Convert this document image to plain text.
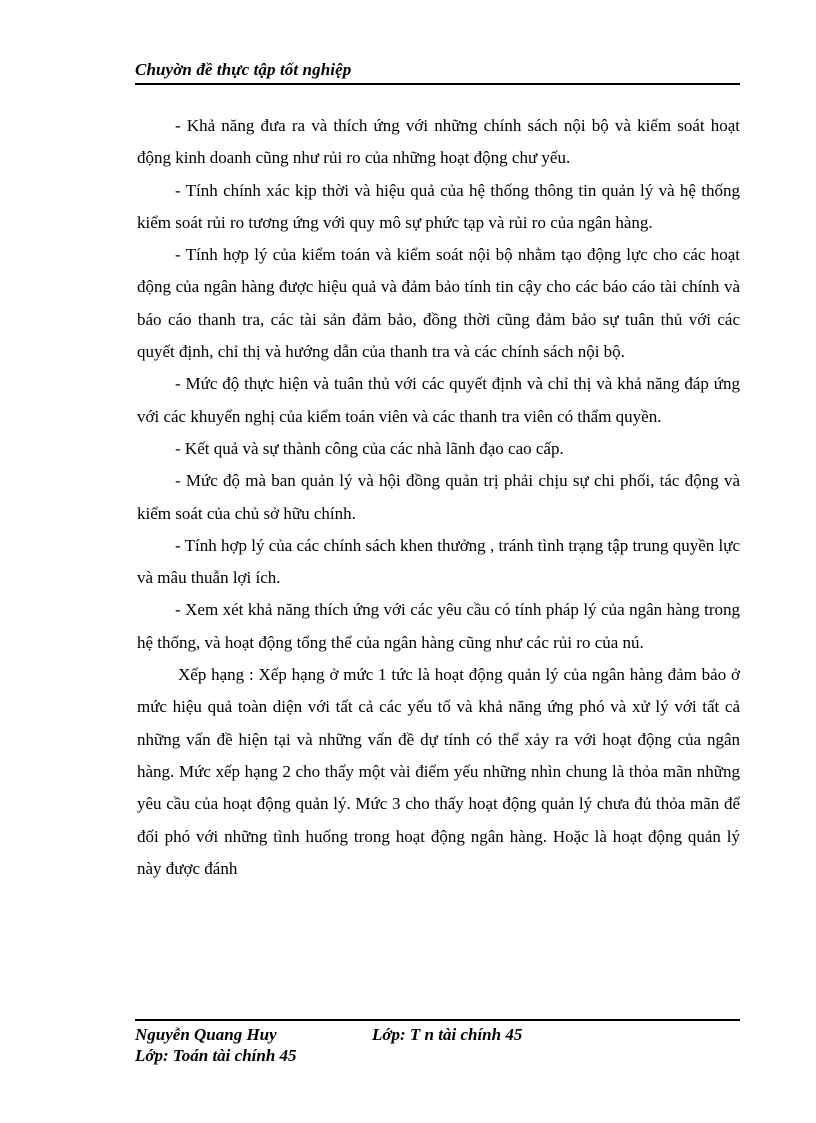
Chuyờn đề thực tập tốt nghiệp

- Khả năng đưa ra và thích ứng với những chính sách nội bộ và kiểm soát hoạt động kinh doanh cũng như rủi ro của những hoạt động chư yếu.

- Tính chính xác kịp thời và hiệu quả của hệ thống thông tin quản lý và hệ thống kiểm soát rủi ro tương ứng với quy mô sự phức tạp và rủi ro của ngân hàng.

- Tính hợp lý của kiểm toán và kiểm soát nội bộ nhằm tạo động lực cho các hoạt động của ngân hàng được hiệu quả và đảm bảo tính tin cậy cho các báo cáo tài chính và báo cáo thanh tra, các tài sản đảm bảo, đồng thời cũng đảm bảo sự tuân thủ với các quyết định, chỉ thị và hướng dẫn của thanh tra và các chính sách nội bộ.

- Mức độ thực hiện và tuân thủ với các quyết định và chỉ thị và khả năng đáp ứng với các khuyến nghị của kiểm toán viên và các thanh tra viên có thẩm quyền.

- Kết quả và sự thành công của các nhà lãnh đạo cao cấp.

- Mức độ mà ban quản lý và hội đồng quản trị phải chịu sự chi phối, tác động và kiểm soát của chủ sở hữu chính.

- Tính hợp lý của các chính sách khen thưởng , tránh tình trạng tập trung quyền lực và mâu thuẫn lợi ích.

- Xem xét khả năng thích ứng với các yêu cầu có tính pháp lý của ngân hàng trong hệ thống, và hoạt động tổng thể của ngân hàng cũng như các rủi ro của nú.

Xếp hạng : Xếp hạng ở mức 1 tức là hoạt động quản lý của ngân hàng đảm bảo ở mức hiệu quả toàn diện với tất cả các yếu tố và khả năng ứng phó và xử lý với tất cả những vấn đề hiện tại và những vấn đề dự tính có thể xảy ra với hoạt động của ngân hàng. Mức xếp hạng 2 cho thấy một vài điểm yếu những nhìn chung là thỏa mãn những yêu cầu của hoạt động quản lý. Mức 3 cho thấy hoạt động quản lý chưa đủ thỏa mãn để đối phó với những tình huống trong hoạt động ngân hàng. Hoặc là hoạt động quản lý này được đánh

Nguyễn Quang Huy	Lớp: T n tài chính 45
Lớp: Toán tài chính 45
